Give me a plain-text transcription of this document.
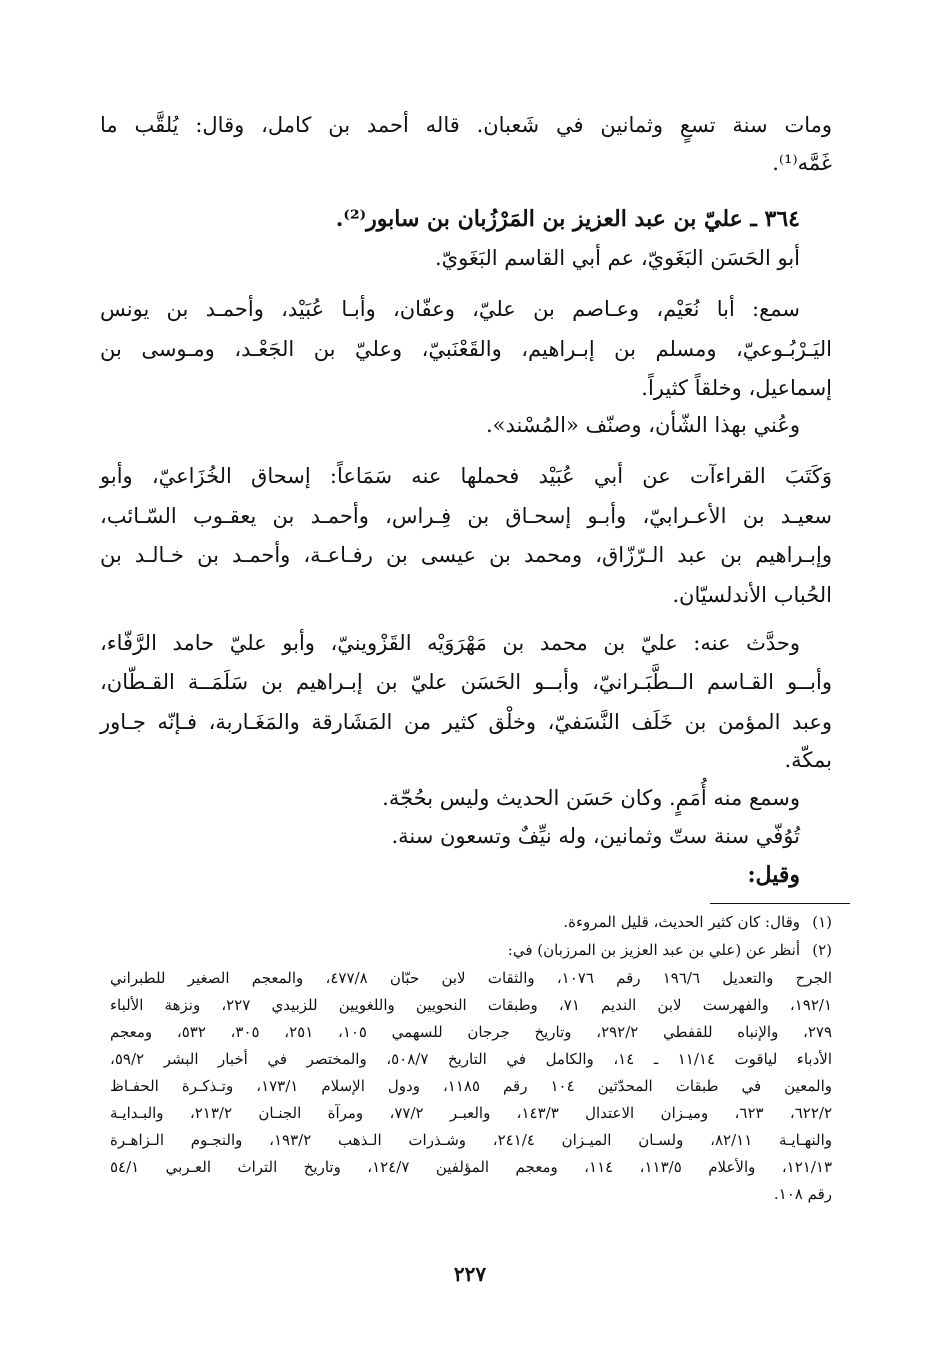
ومات سنة تسعٍ وثمانين في شَعبان. قاله أحمد بن كامل، وقال: يُلقَّب ما
غَمَّه⁽¹⁾.
٣٦٤ ـ عليّ بن عبد العزيز بن المَرْزُبان بن سابور⁽²⁾.
أبو الحَسَن البَغَويّ، عم أبي القاسم البَغَويّ.
سمع: أبا نُعَيْم، وعـاصم بن عليّ، وعفّان، وأبـا عُبَيْد، وأحمـد بن يونس
اليَـرْبُـوعيّ، ومسلم بن إبـراهيم، والقَعْنَبيّ، وعليّ بن الجَعْـد، ومـوسى بن
إسماعيل، وخلقاً كثيراً.
وعُني بهذا الشّأن، وصنّف «المُسْند».
وَكَتَبَ القراءآت عن أبي عُبَيْد فحملها عنه سَمَاعاً: إسحاق الخُزَاعيّ، وأبو
سعيـد بن الأعـرابيّ، وأبـو إسحـاق بن فِـراس، وأحمـد بن يعقـوب السّـائب،
وإبـراهيم بن عبد الـرّزّاق، ومحمد بن عيسى بن رفـاعـة، وأحمـد بن خـالـد بن
الحُباب الأندلسيّان.
وحدَّث عنه: عليّ بن محمد بن مَهْرَوَيْه القَزْوينيّ، وأبو عليّ حامد الرَّفّاء،
وأبــو القـاسم الــطَّبَـرانيّ، وأبــو الحَسَن عليّ بن إبـراهيم بن سَلَمَــة القـطّان،
وعبد المؤمن بن خَلَف النَّسَفيّ، وخلْق كثير من المَشَارقة والمَغَـاربة، فـإنّه جـاور
بمكّة.
وسمع منه أُمَمٍ. وكان حَسَن الحديث وليس بحُجّة.
تُوُفّي سنة ستّ وثمانين، وله نيِّفٌ وتسعون سنة.
وقيل:
(١)
وقال: كان كثير الحديث، قليل المروءة.
(٢)
أنظر عن (علي بن عبد العزيز بن المرزبان) في:
الجرح والتعديل ١٩٦/٦ رقم ١٠٧٦، والثقات لابن حبّان ٤٧٧/٨، والمعجم الصغير للطبراني
١٩٢/١، والفهرست لابن النديم ٧١، وطبقات النحويين واللغويين للزبيدي ٢٢٧، ونزهة الألباء
٢٧٩، والإنباه للقفطي ٢٩٢/٢، وتاريخ جرجان للسهمي ١٠٥، ٢٥١، ٣٠٥، ٥٣٢، ومعجم
الأدباء لياقوت ١١/١٤ ـ ١٤، والكامل في التاريخ ٥٠٨/٧، والمختصر في أخبار البشر ٥٩/٢،
والمعين في طبقات المحدّثين ١٠٤ رقم ١١٨٥، ودول الإسلام ١٧٣/١، وتـذكـرة الحفـاظ
٦٢٢/٢، ٦٢٣، وميـزان الاعتدال ١٤٣/٣، والعبـر ٧٧/٢، ومرآة الجنـان ٢١٣/٢، والبـدايـة
والنهـايـة ٨٢/١١، ولسـان الميـزان ٢٤١/٤، وشـذرات الـذهب ١٩٣/٢، والنجـوم الـزاهـرة
١٢١/١٣، والأعلام ١١٣/٥، ١١٤، ومعجم المؤلفين ١٢٤/٧، وتاريخ التراث العـربي ٥٤/١
رقم ١٠٨.
٢٢٧
